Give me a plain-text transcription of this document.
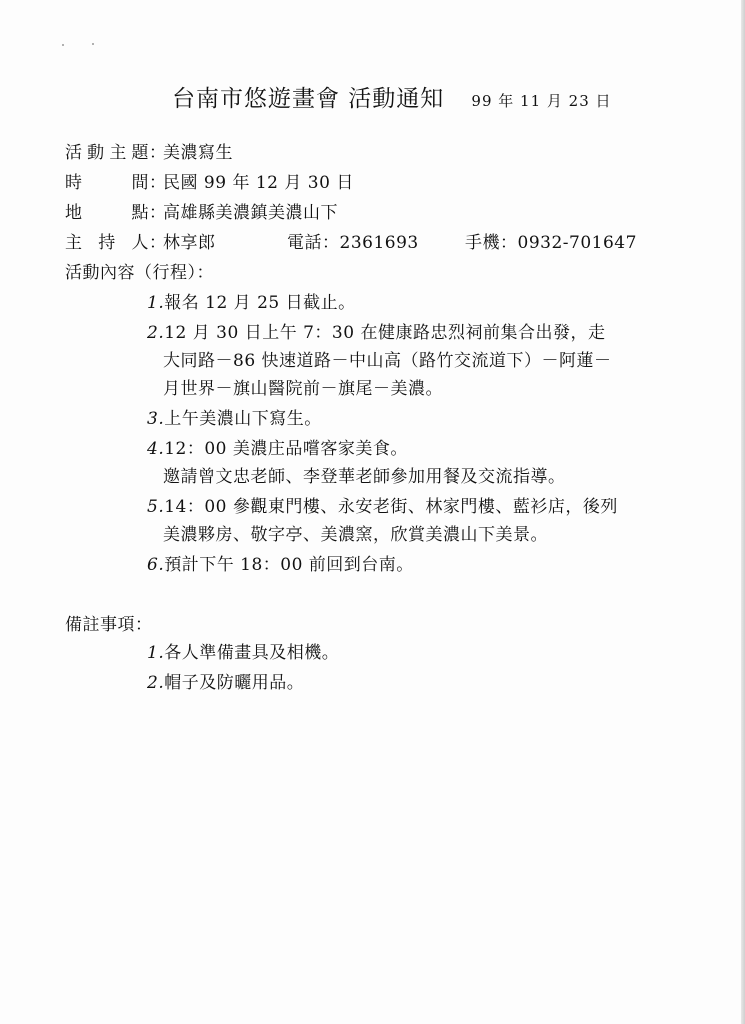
台南市悠遊畫會 活動通知 99 年 11 月 23 日
活動主題：美濃寫生
時間：民國 99 年 12 月 30 日
地點：高雄縣美濃鎮美濃山下
主持人：林享郎	電話：2361693	手機：0932-701647
活動內容（行程）：
1.報名 12 月 25 日截止。
2.12 月 30 日上午 7：30 在健康路忠烈祠前集合出發，走
大同路－86 快速道路－中山高（路竹交流道下）－阿蓮－
月世界－旗山醫院前－旗尾－美濃。
3.上午美濃山下寫生。
4.12：00 美濃庄品嚐客家美食。
邀請曾文忠老師、李登華老師參加用餐及交流指導。
5.14：00 參觀東門樓、永安老街、林家門樓、藍衫店，後列
美濃夥房、敬字亭、美濃窯，欣賞美濃山下美景。
6.預計下午 18：00 前回到台南。
備註事項：
1.各人準備畫具及相機。
2.帽子及防曬用品。
